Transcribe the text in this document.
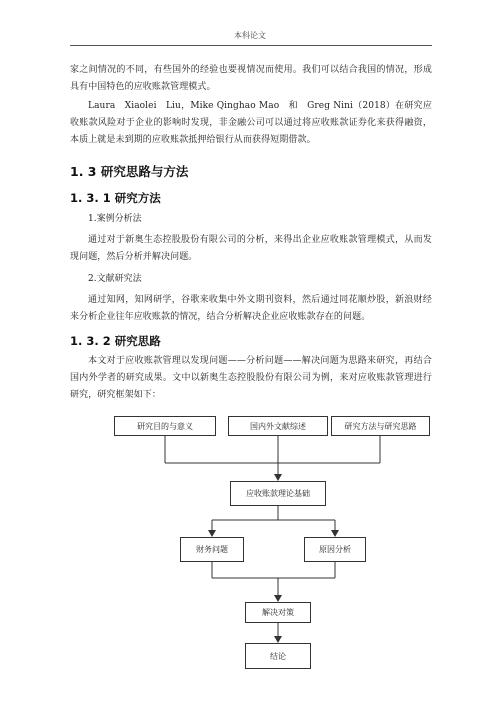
本科论文

家之间情况的不同，有些国外的经验也要视情况而使用。我们可以结合我国的情况，形成具有中国特色的应收账款管理模式。

Laura　Xiaolei　Liu，Mike Qinghao Mao　和　Greg Nini（2018）在研究应收账款风险对于企业的影响时发现，非金融公司可以通过将应收账款证券化来获得融资，本质上就是未到期的应收账款抵押给银行从而获得短期借款。

1. 3 研究思路与方法
1. 3. 1 研究方法

1.案例分析法

通过对于新奥生态控股股份有限公司的分析，来得出企业应收账款管理模式，从而发现问题，然后分析并解决问题。

2.文献研究法

通过知网，知网研学，谷歌来收集中外文期刊资料，然后通过同花顺炒股，新浪财经来分析企业往年应收账款的情况，结合分析解决企业应收账款存在的问题。

1. 3. 2 研究思路

本文对于应收账款管理以发现问题——分析问题——解决问题为思路来研究，再结合国内外学者的研究成果。文中以新奥生态控股股份有限公司为例，来对应收账款管理进行研究，研究框架如下：

研究目的与意义	国内外文献综述	研究方法与研究思路
应收账款理论基础
财务问题	原因分析
解决对策
结论
